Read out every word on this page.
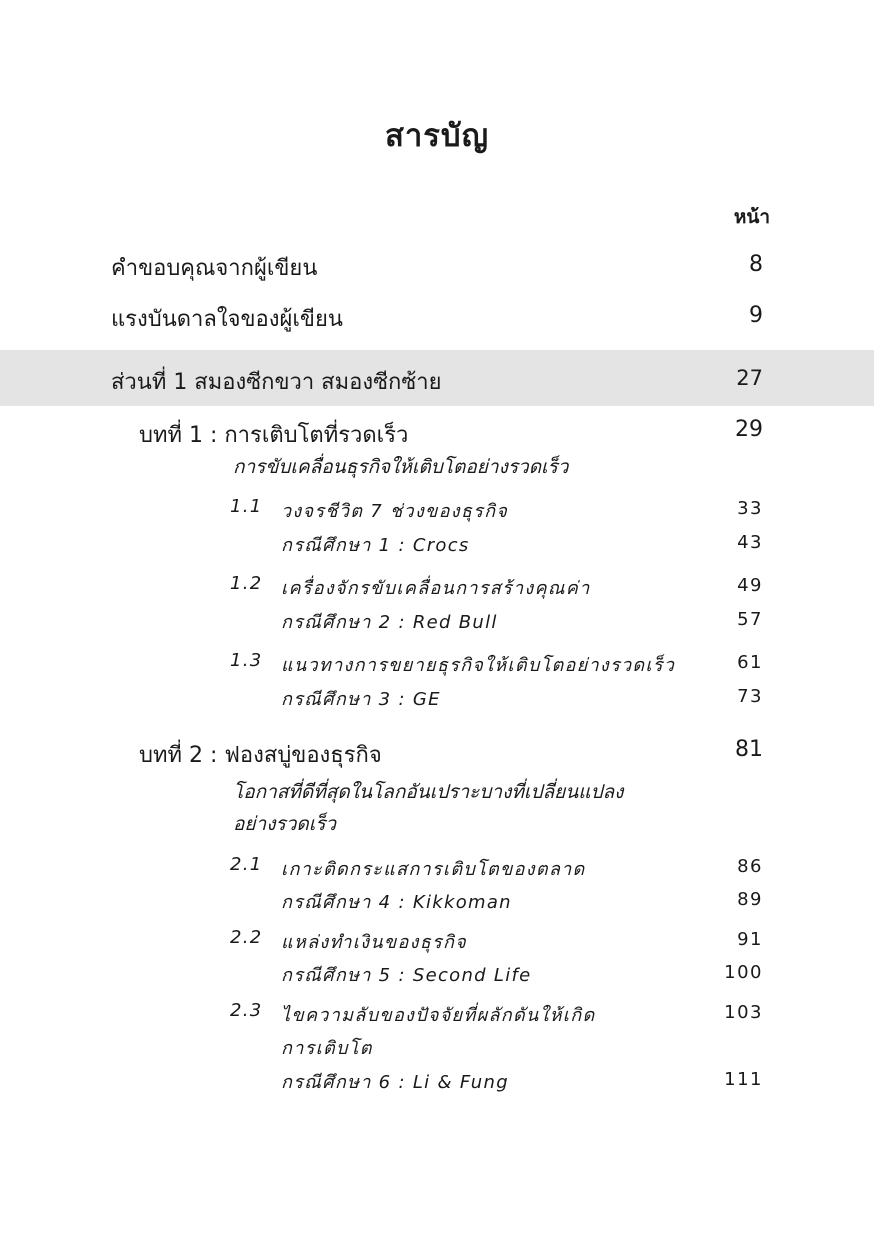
สารบัญ
หน้า
คำขอบคุณจากผู้เขียน	8
แรงบันดาลใจของผู้เขียน	9
ส่วนที่ 1 สมองซีกขวา สมองซีกซ้าย	27
บทที่ 1 : การเติบโตที่รวดเร็ว	29
การขับเคลื่อนธุรกิจให้เติบโตอย่างรวดเร็ว
1.1 วงจรชีวิต 7 ช่วงของธุรกิจ	33
กรณีศึกษา 1 : Crocs	43
1.2 เครื่องจักรขับเคลื่อนการสร้างคุณค่า	49
กรณีศึกษา 2 : Red Bull	57
1.3 แนวทางการขยายธุรกิจให้เติบโตอย่างรวดเร็ว	61
กรณีศึกษา 3 : GE	73
บทที่ 2 : ฟองสบู่ของธุรกิจ	81
โอกาสที่ดีที่สุดในโลกอันเปราะบางที่เปลี่ยนแปลง
อย่างรวดเร็ว
2.1 เกาะติดกระแสการเติบโตของตลาด	86
กรณีศึกษา 4 : Kikkoman	89
2.2 แหล่งทำเงินของธุรกิจ	91
กรณีศึกษา 5 : Second Life	100
2.3 ไขความลับของปัจจัยที่ผลักดันให้เกิด	103
การเติบโต
กรณีศึกษา 6 : Li & Fung	111
